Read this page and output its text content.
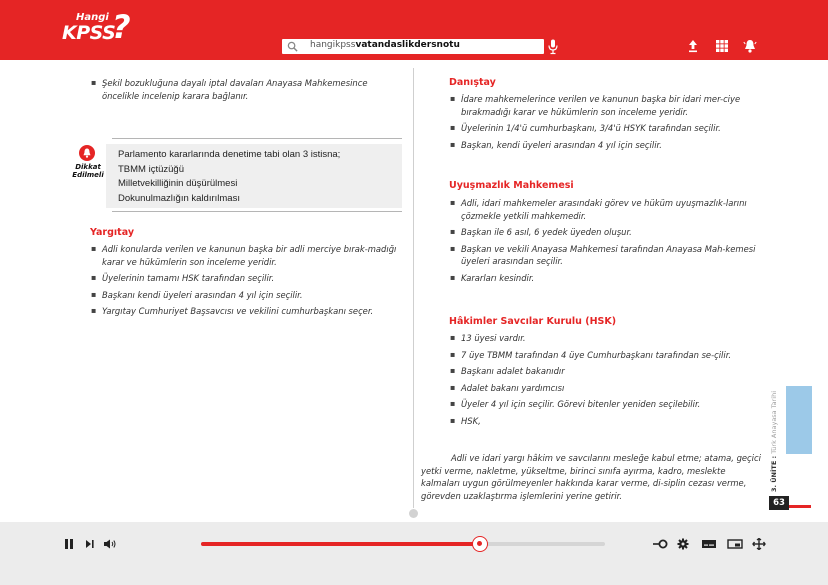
Hangi
KPSS
?	hangikpssvatandaslikdersnotu
▪ Şekil bozukluğuna dayalı iptal davaları Anayasa Mahkemesince öncelikle incelenip karara bağlanır.
Dikkat
Edilmeli
Parlamento kararlarında denetime tabi olan 3 istisna;
TBMM içtüzüğü
Milletvekilliğinin düşürülmesi
Dokunulmazlığın kaldırılması
Yargıtay
▪ Adli konularda verilen ve kanunun başka bir adli merciye bırak-madığı karar ve hükümlerin son inceleme yeridir.
▪ Üyelerinin tamamı HSK tarafından seçilir.
▪ Başkanı kendi üyeleri arasından 4 yıl için seçilir.
▪ Yargıtay Cumhuriyet Başsavcısı ve vekilini cumhurbaşkanı seçer.
Danıştay
▪ İdare mahkemelerince verilen ve kanunun başka bir idari mer-ciye bırakmadığı karar ve hükümlerin son inceleme yeridir.
▪ Üyelerinin 1/4'ü cumhurbaşkanı, 3/4'ü HSYK tarafından seçilir.
▪ Başkan, kendi üyeleri arasından 4 yıl için seçilir.
Uyuşmazlık Mahkemesi
▪ Adli, idari mahkemeler arasındaki görev ve hüküm uyuşmazlık-larını çözmekle yetkili mahkemedir.
▪ Başkan ile 6 asıl, 6 yedek üyeden oluşur.
▪ Başkan ve vekili Anayasa Mahkemesi tarafından Anayasa Mah-kemesi üyeleri arasından seçilir.
▪ Kararları kesindir.
Hâkimler Savcılar Kurulu (HSK)
▪ 13 üyesi vardır.
▪ 7 üye TBMM tarafından 4 üye Cumhurbaşkanı tarafından se-çilir.
▪ Başkanı adalet bakanıdır
▪ Adalet bakanı yardımcısı
▪ Üyeler 4 yıl için seçilir. Görevi bitenler yeniden seçilebilir.
▪ HSK,

Adli ve idari yargı hâkim ve savcılarını mesleğe kabul etme; atama, geçici yetki verme, nakletme, yükseltme, birinci sınıfa ayırma, kadro, meslekte kalmaları uygun görülmeyenler hakkında karar verme, di-siplin cezası verme, görevden uzaklaştırma işlemlerini yerine getirir.

3. ÜNİTE : Türk Anayasa Tarihi
63
